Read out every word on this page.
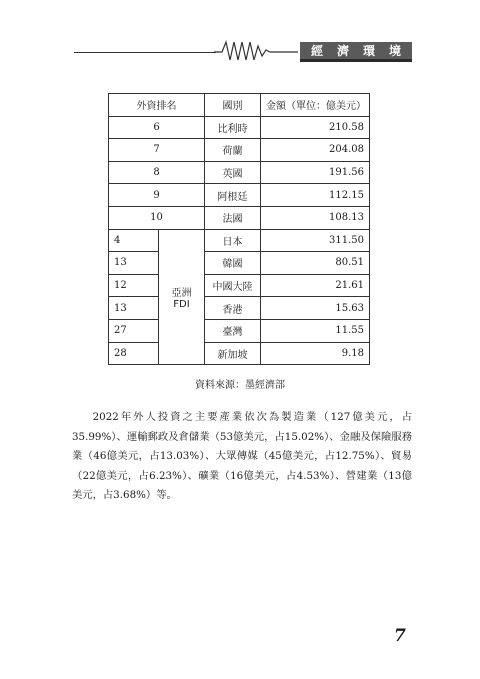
經 濟 環 境
外資排名		國別	金額（單位：億美元）
6		比利時	210.58
7		荷蘭	204.08
8		英國	191.56
9		阿根廷	112.15
10		法國	108.13
4	亞洲FDI	日本	311.50
13		韓國	80.51
12		中國大陸	21.61
13		香港	15.63
27		臺灣	11.55
28		新加坡	9.18
資料來源：墨經濟部

2022年外人投資之主要產業依次為製造業（127億美元，占35.99%）、運輸郵政及倉儲業（53億美元，占15.02%）、金融及保險服務業（46億美元，占13.03%）、大眾傳媒（45億美元，占12.75%）、貿易（22億美元，占6.23%）、礦業（16億美元，占4.53%）、營建業（13億美元，占3.68%）等。

7
